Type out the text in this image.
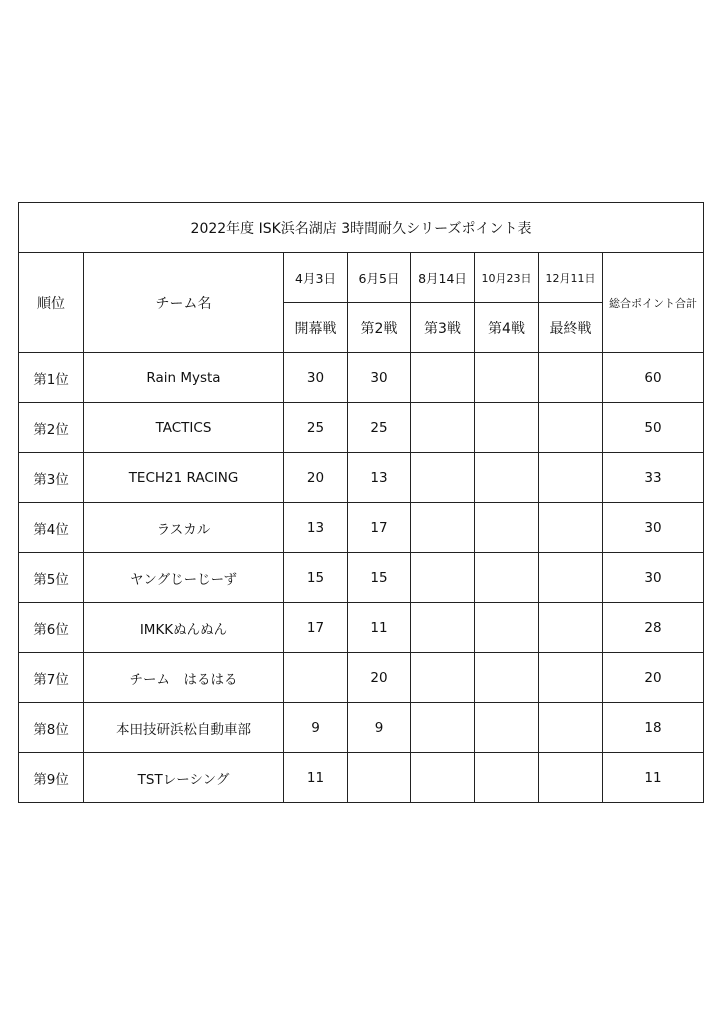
2022年度 ISK浜名湖店 3時間耐久シリーズポイント表							
順位	チーム名	4月3日	6月5日	8月14日	10月23日	12月11日	総合ポイント合計
		開幕戦	第2戦	第3戦	第4戦	最終戦	
第1位	Rain Mysta	30	30				60
第2位	TACTICS	25	25				50
第3位	TECH21 RACING	20	13				33
第4位	ラスカル	13	17				30
第5位	ヤングじーじーず	15	15				30
第6位	IMKKぬんぬん	17	11				28
第7位	チーム　はるはる		20				20
第8位	本田技研浜松自動車部	9	9				18
第9位	TSTレーシング	11					11
